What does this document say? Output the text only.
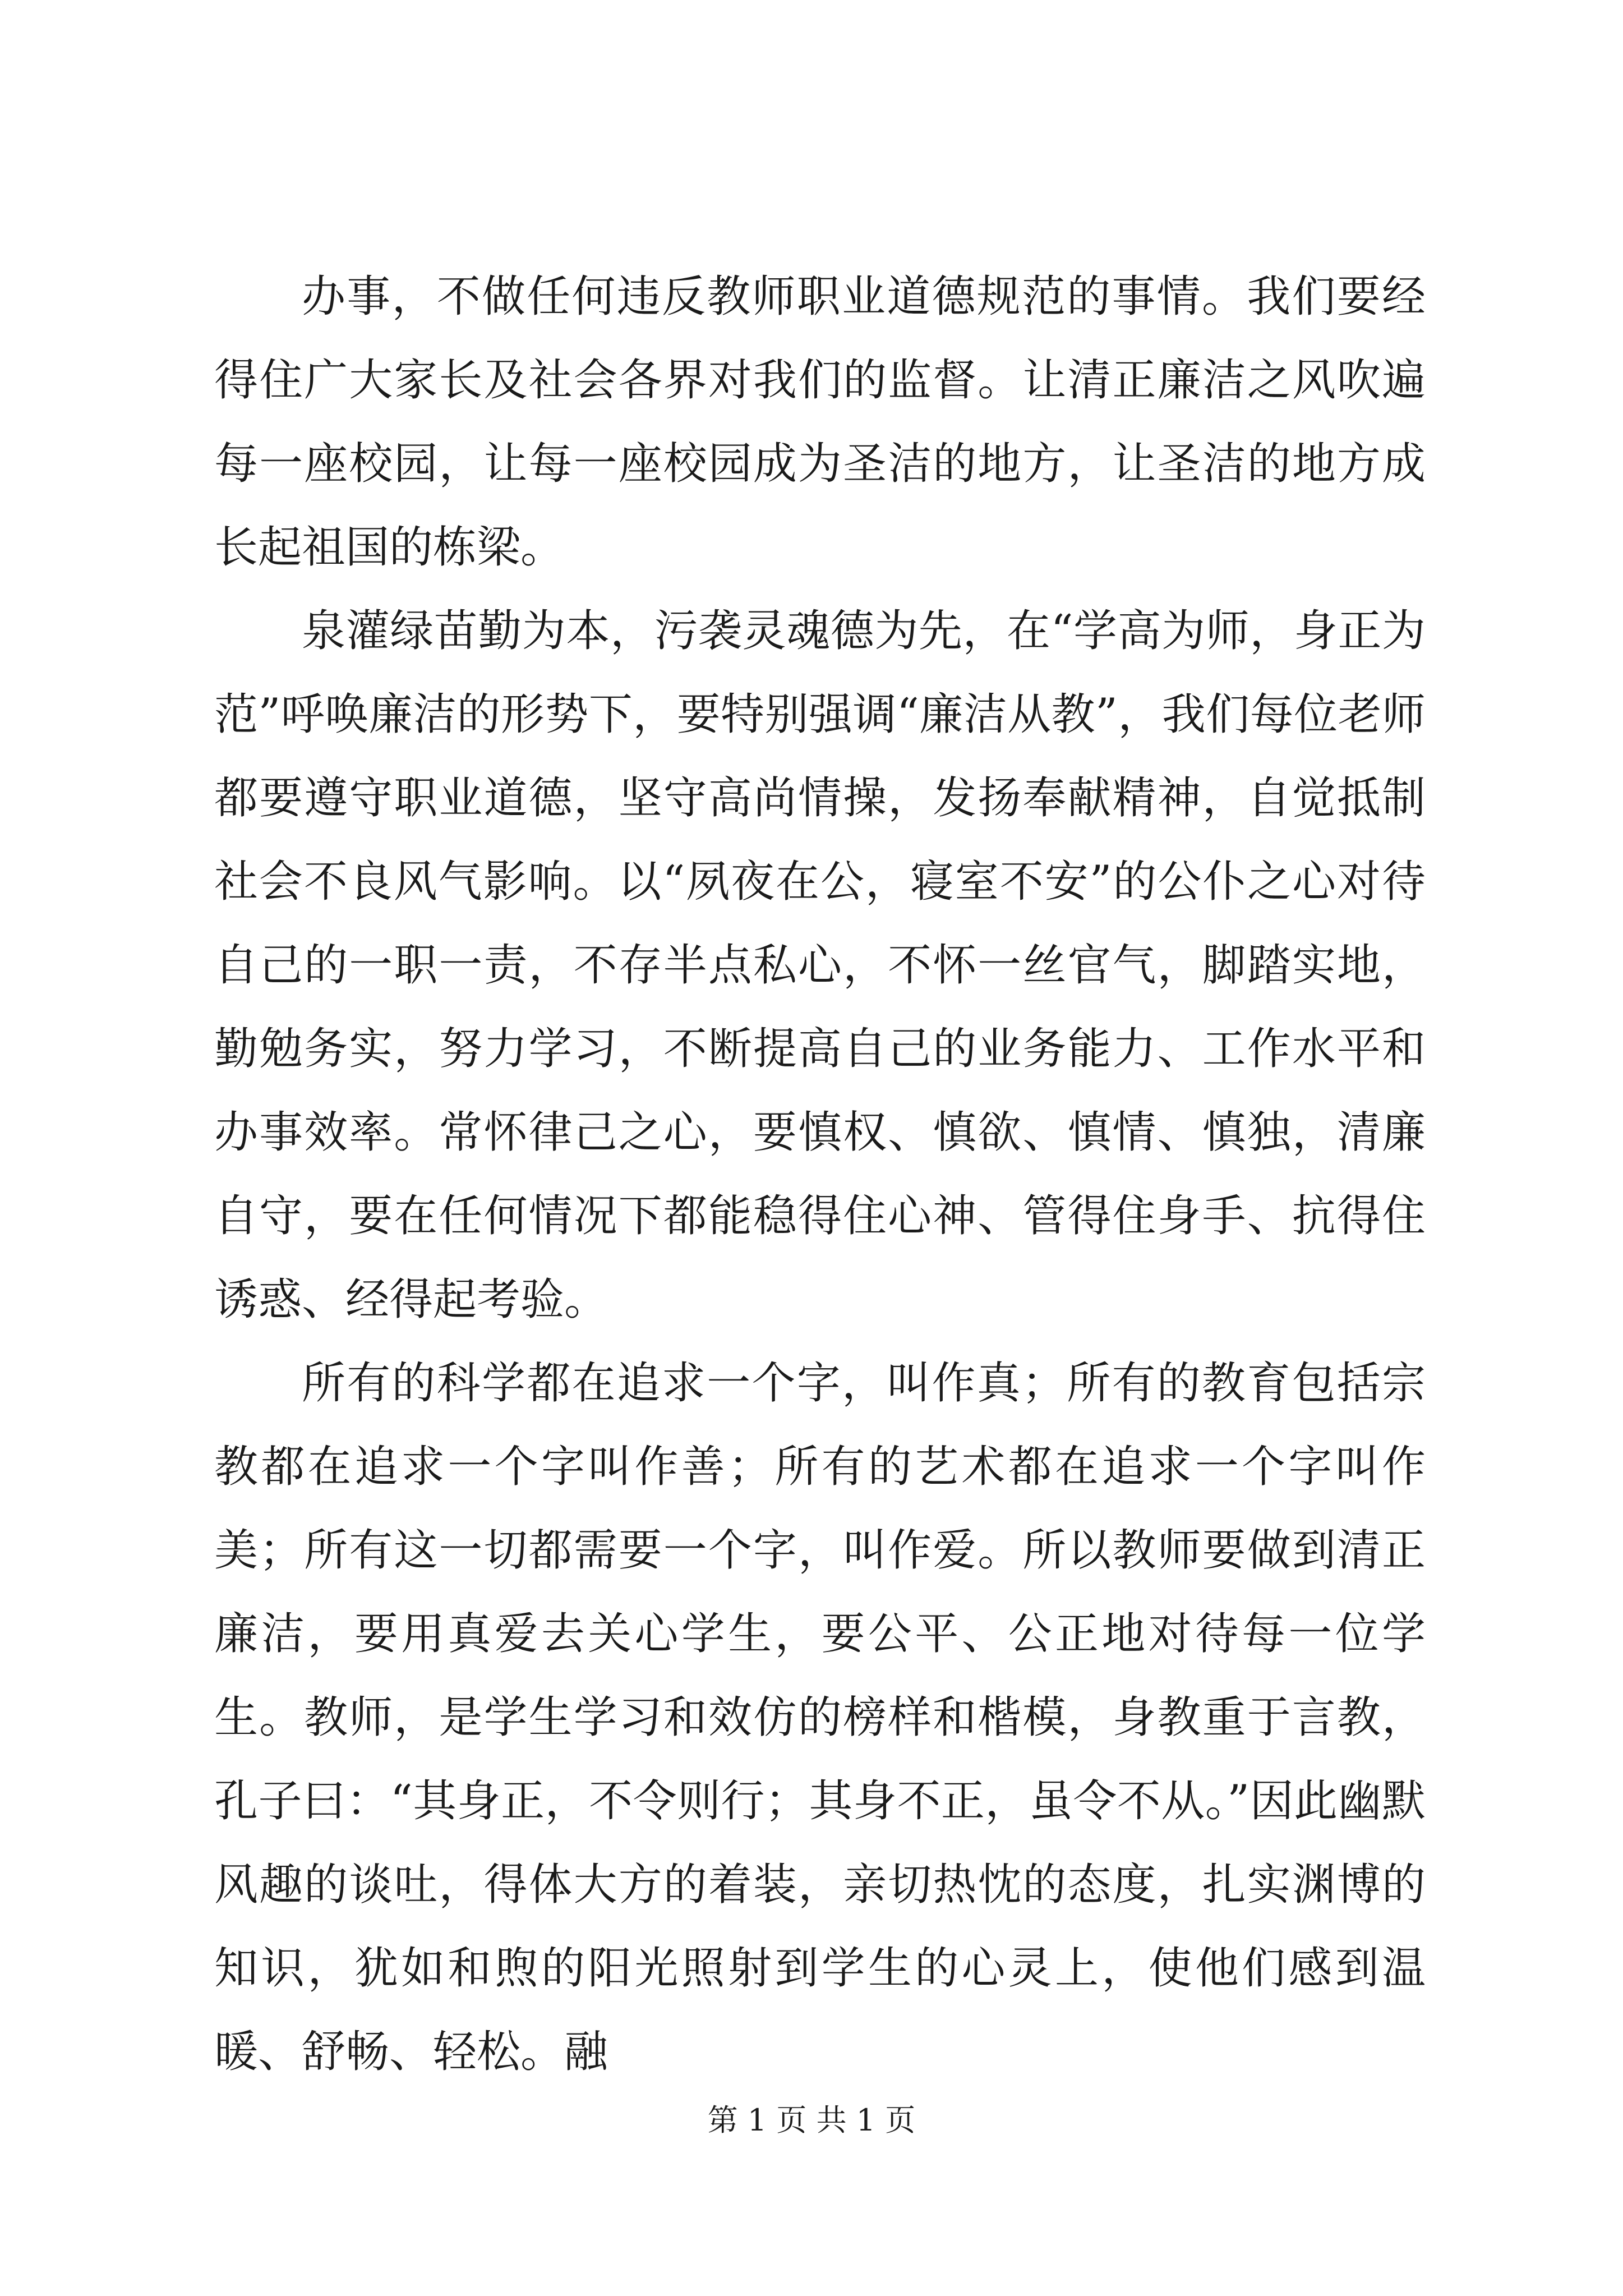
办事，不做任何违反教师职业道德规范的事情。我们要经得住广大家长及社会各界对我们的监督。让清正廉洁之风吹遍每一座校园，让每一座校园成为圣洁的地方，让圣洁的地方成长起祖国的栋梁。

泉灌绿苗勤为本，污袭灵魂德为先，在“学高为师，身正为范”呼唤廉洁的形势下，要特别强调“廉洁从教”，我们每位老师都要遵守职业道德，坚守高尚情操，发扬奉献精神，自觉抵制社会不良风气影响。以“夙夜在公，寝室不安”的公仆之心对待自己的一职一责，不存半点私心，不怀一丝官气，脚踏实地，勤勉务实，努力学习，不断提高自己的业务能力、工作水平和办事效率。常怀律己之心，要慎权、慎欲、慎情、慎独，清廉自守，要在任何情况下都能稳得住心神、管得住身手、抗得住诱惑、经得起考验。

所有的科学都在追求一个字，叫作真；所有的教育包括宗教都在追求一个字叫作善；所有的艺术都在追求一个字叫作美；所有这一切都需要一个字，叫作爱。所以教师要做到清正廉洁，要用真爱去关心学生，要公平、公正地对待每一位学生。教师，是学生学习和效仿的榜样和楷模，身教重于言教，孔子曰：“其身正，不令则行；其身不正，虽令不从。”因此幽默风趣的谈吐，得体大方的着装，亲切热忱的态度，扎实渊博的知识，犹如和煦的阳光照射到学生的心灵上，使他们感到温暖、舒畅、轻松。融

第 1 页 共 1 页
